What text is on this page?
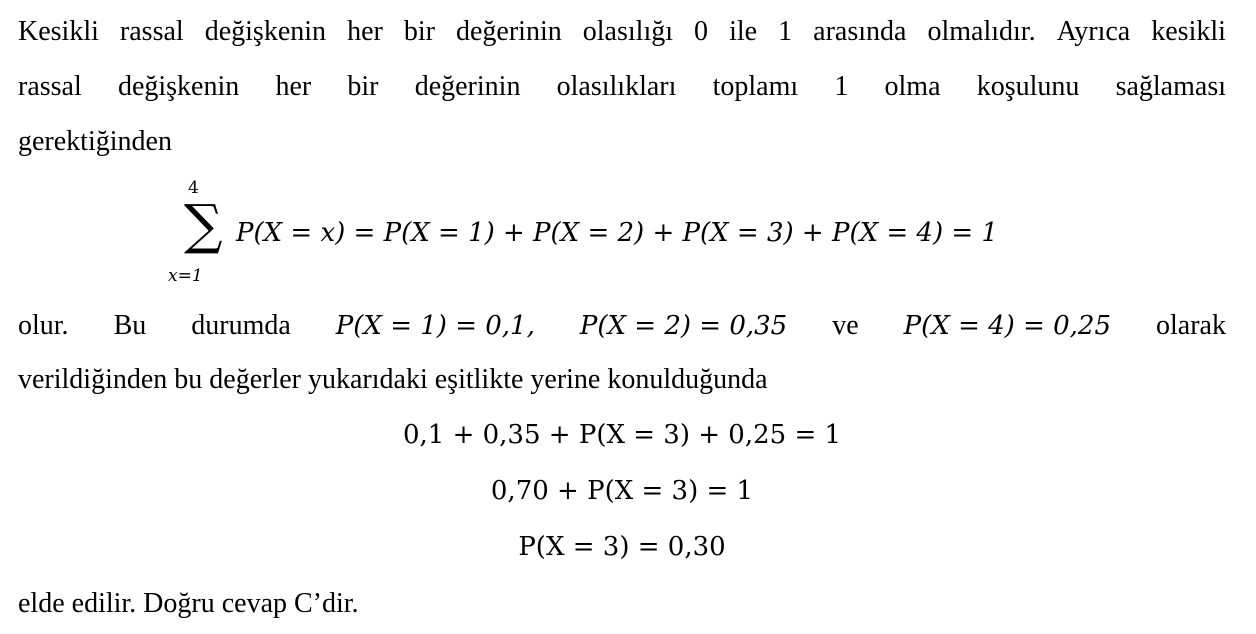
Kesikli rassal değişkenin her bir değerinin olasılığı 0 ile 1 arasında olmalıdır. Ayrıca kesikli
rassal değişkenin her bir değerinin olasılıkları toplamı 1 olma koşulunu sağlaması
gerektiğinden
4
∑
x=1
P(X = x) = P(X = 1) + P(X = 2) + P(X = 3) + P(X = 4) = 1
olur. Bu durumda P(X = 1) = 0,1, P(X = 2) = 0,35 ve P(X = 4) = 0,25 olarak
verildiğinden bu değerler yukarıdaki eşitlikte yerine konulduğunda
0,1 + 0,35 + P(X = 3) + 0,25 = 1
0,70 + P(X = 3) = 1
P(X = 3) = 0,30
elde edilir. Doğru cevap C’dir.
